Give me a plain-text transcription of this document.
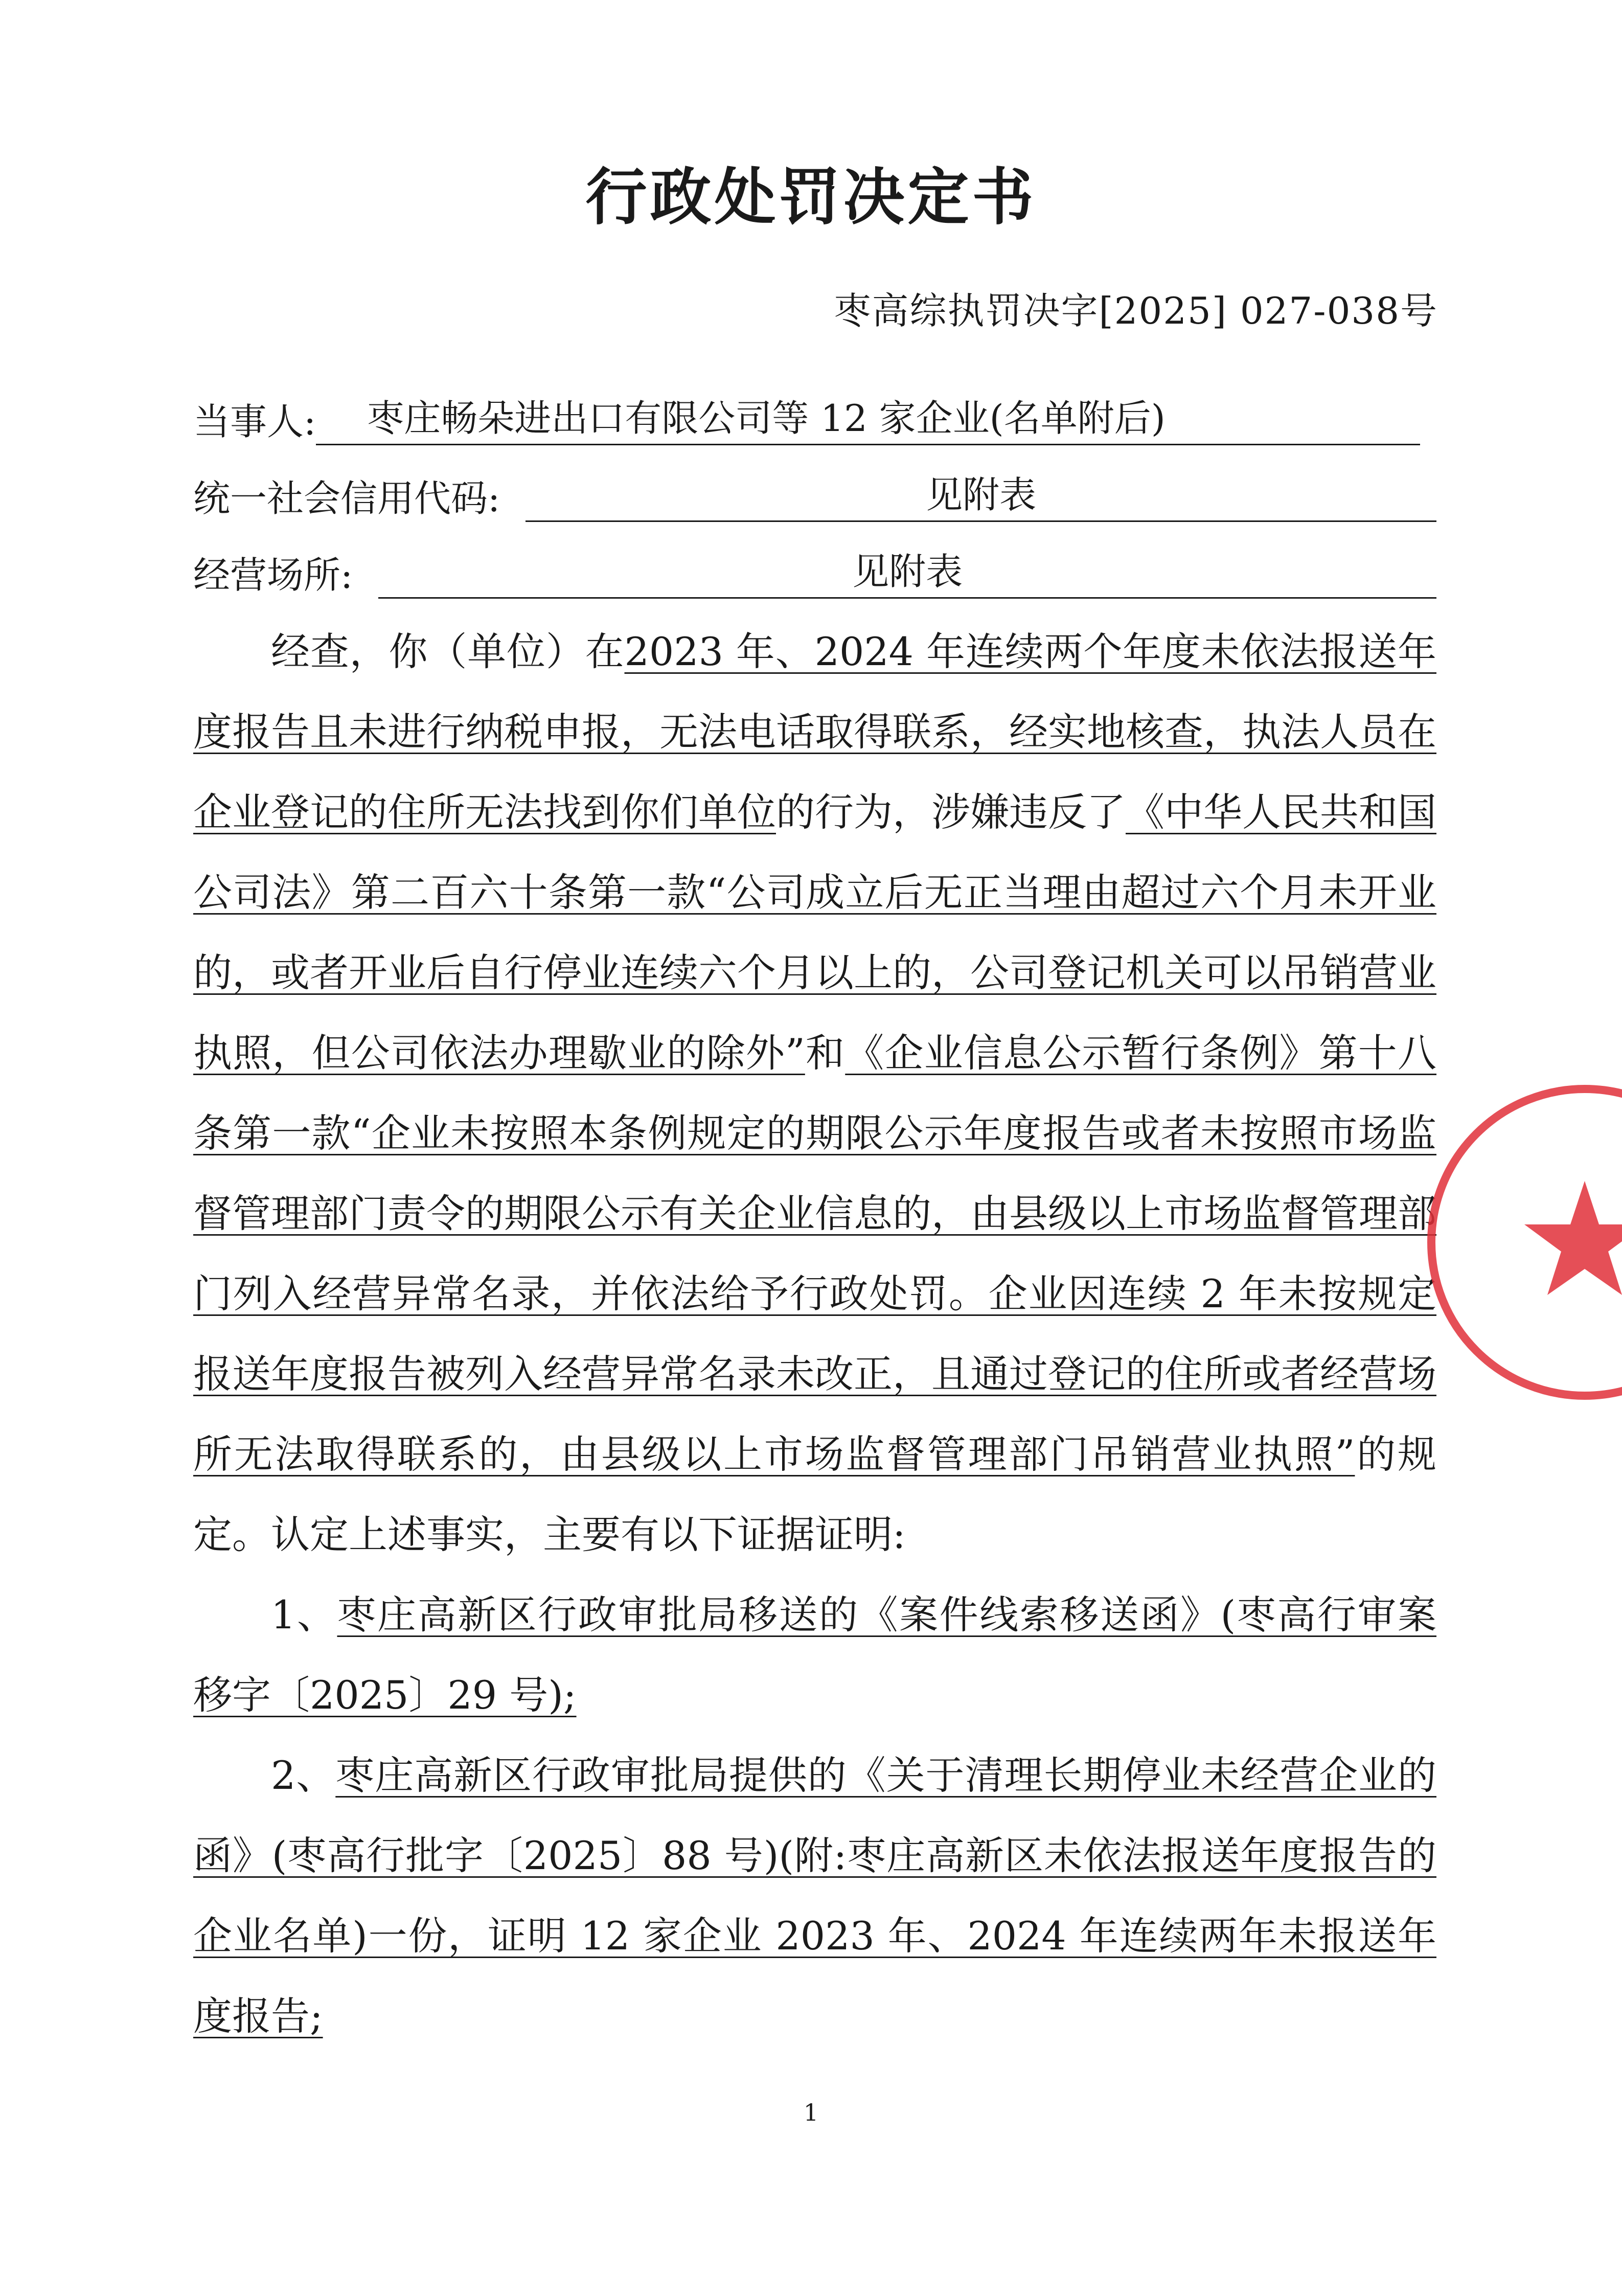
行政处罚决定书
枣高综执罚决字[2025] 027-038号
当事人:	枣庄畅朵进出口有限公司等 12 家企业(名单附后)
统一社会信用代码:	见附表
经营场所:	见附表

经查，你（单位）在2023 年、2024 年连续两个年度未依法报送年度报告且未进行纳税申报，无法电话取得联系，经实地核查，执法人员在企业登记的住所无法找到你们单位的行为，涉嫌违反了《中华人民共和国公司法》第二百六十条第一款“公司成立后无正当理由超过六个月未开业的，或者开业后自行停业连续六个月以上的，公司登记机关可以吊销营业执照，但公司依法办理歇业的除外”和《企业信息公示暂行条例》第十八条第一款“企业未按照本条例规定的期限公示年度报告或者未按照市场监督管理部门责令的期限公示有关企业信息的，由县级以上市场监督管理部门列入经营异常名录，并依法给予行政处罚。企业因连续 2 年未按规定报送年度报告被列入经营异常名录未改正，且通过登记的住所或者经营场所无法取得联系的，由县级以上市场监督管理部门吊销营业执照”的规定。认定上述事实，主要有以下证据证明:

1、枣庄高新区行政审批局移送的《案件线索移送函》(枣高行审案移字〔2025〕29 号);

2、枣庄高新区行政审批局提供的《关于清理长期停业未经营企业的函》(枣高行批字〔2025〕88 号)(附:枣庄高新区未依法报送年度报告的企业名单)一份，证明 12 家企业 2023 年、2024 年连续两年未报送年度报告;

1
